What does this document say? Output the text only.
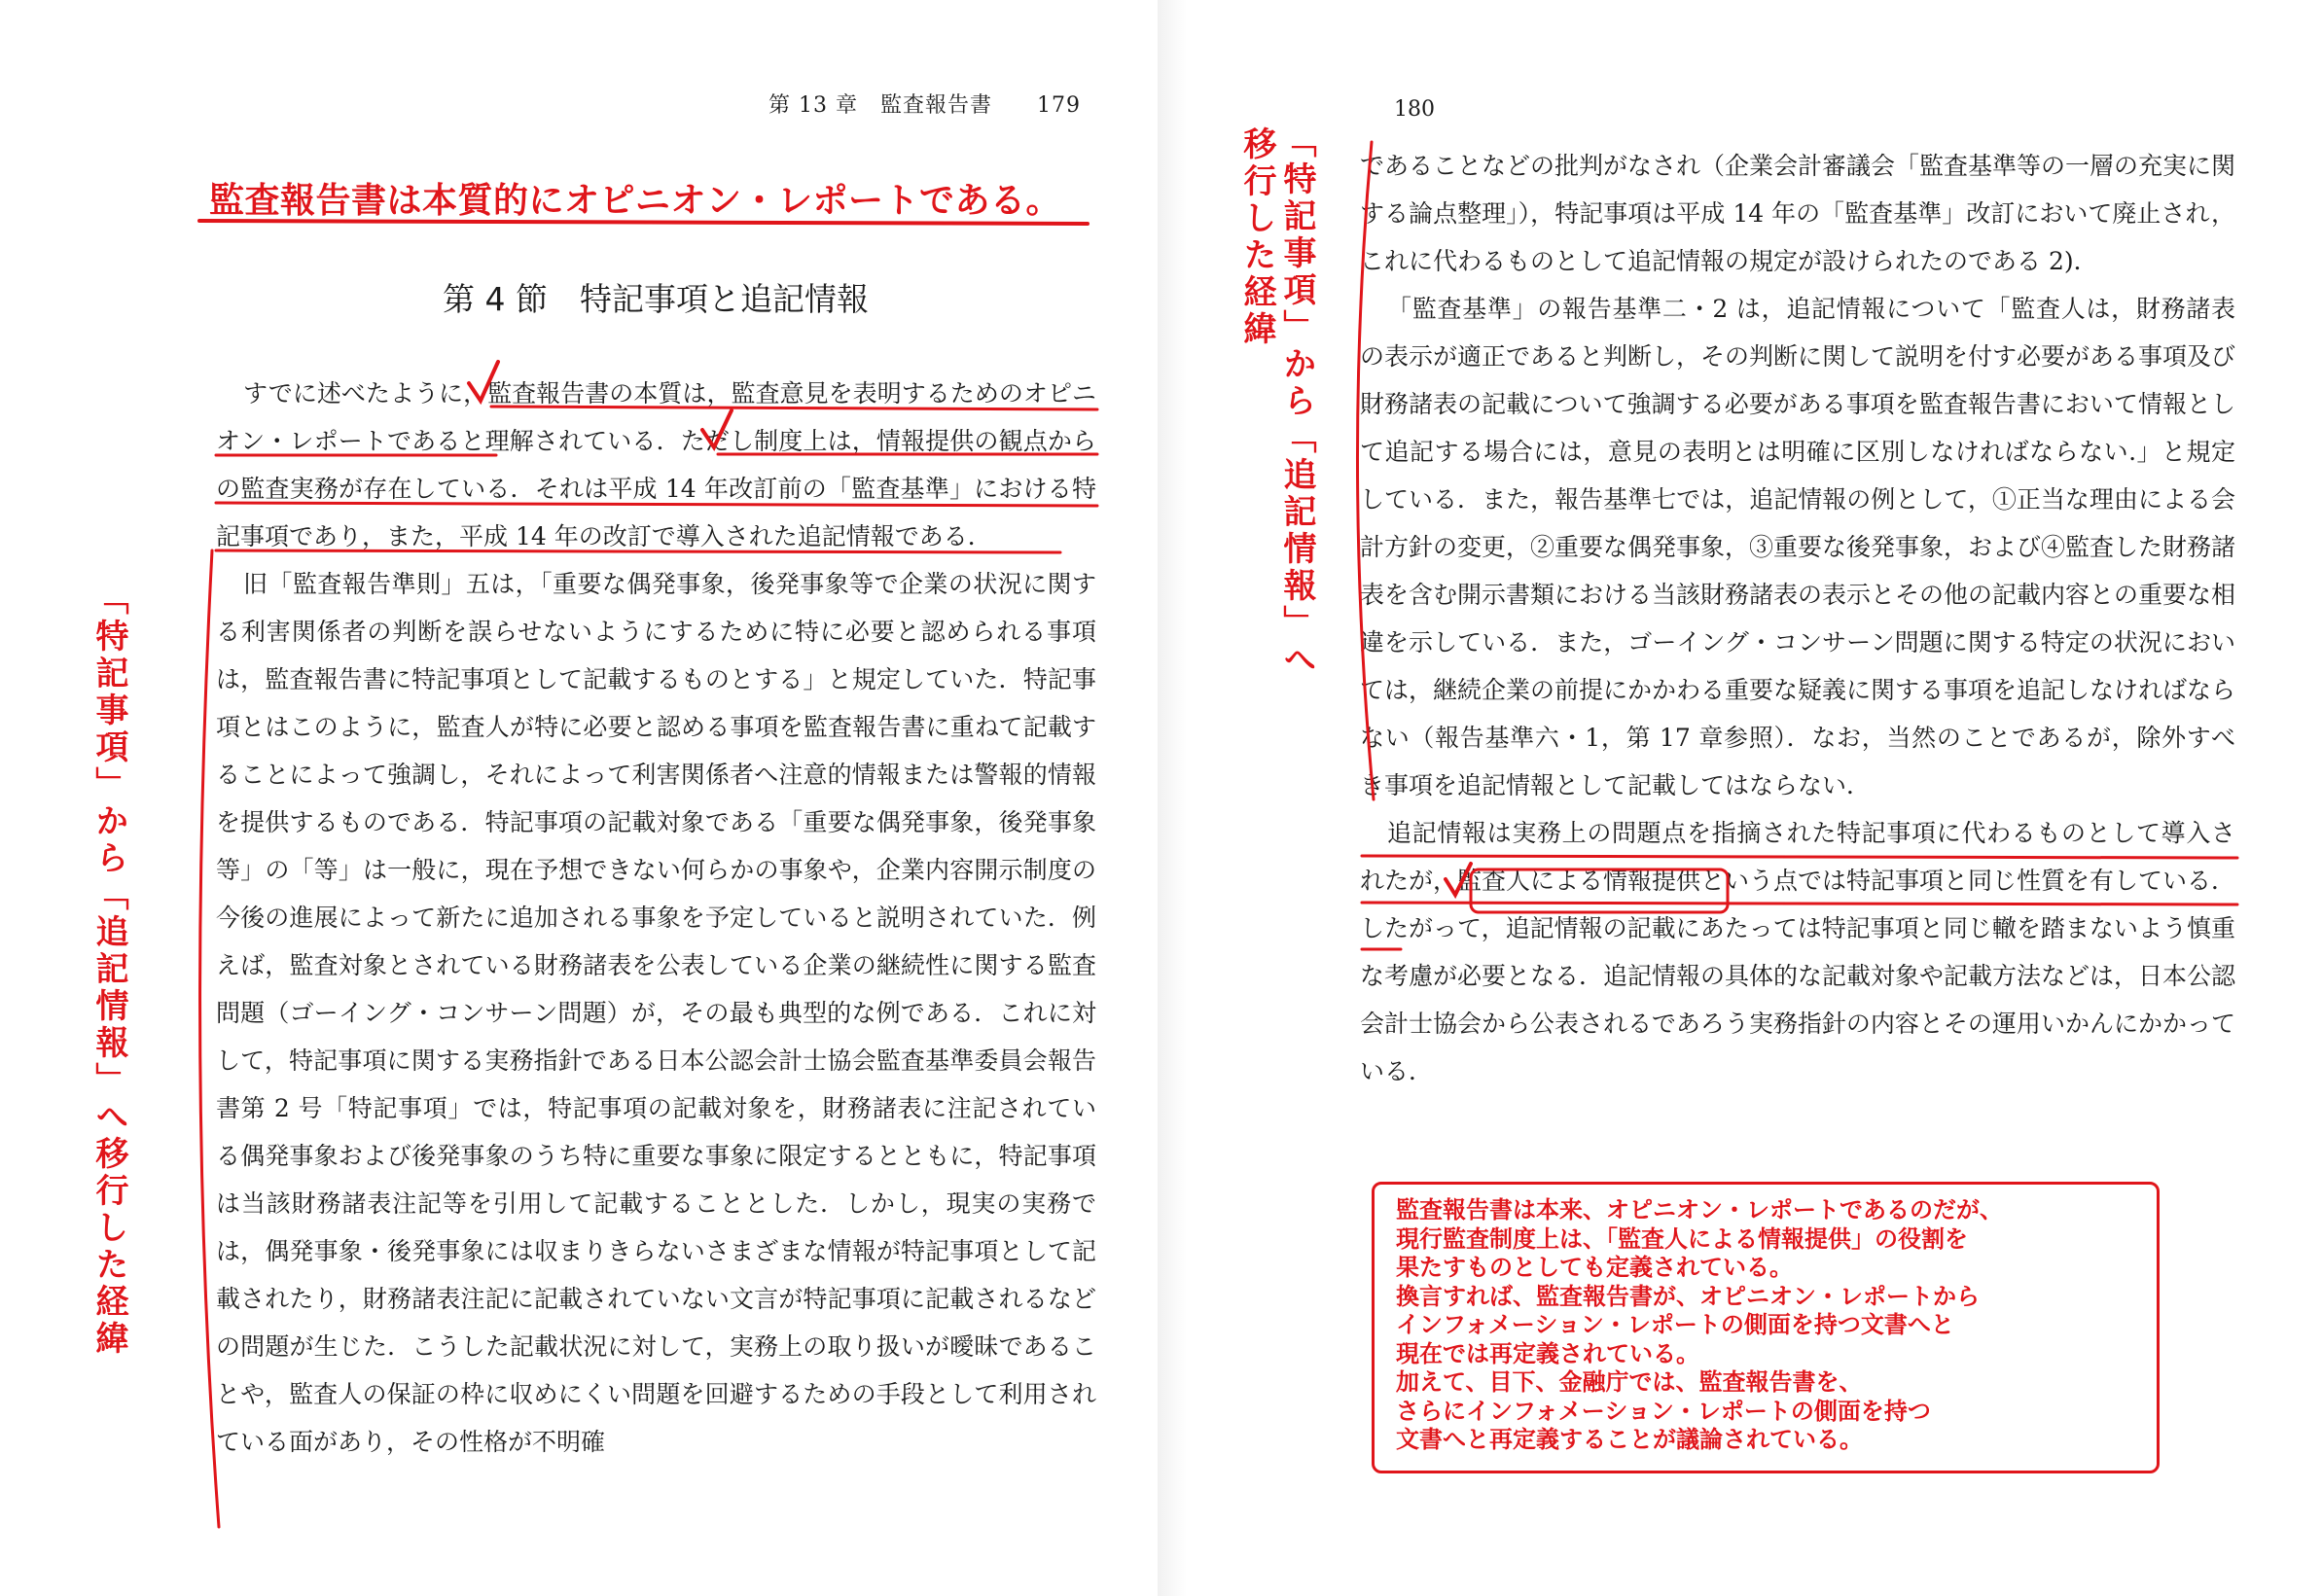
第 13 章　監査報告書　　179
監査報告書は本質的にオピニオン・レポートである。
第 4 節　特記事項と追記情報

すでに述べたように，監査報告書の本質は，監査意見を表明するためのオピニオン・レポートであると理解されている．ただし制度上は，情報提供の観点からの監査実務が存在している．それは平成 14 年改訂前の「監査基準」における特記事項であり，また，平成 14 年の改訂で導入された追記情報である．

旧「監査報告準則」五は，「重要な偶発事象，後発事象等で企業の状況に関する利害関係者の判断を誤らせないようにするために特に必要と認められる事項は，監査報告書に特記事項として記載するものとする」と規定していた．特記事項とはこのように，監査人が特に必要と認める事項を監査報告書に重ねて記載することによって強調し，それによって利害関係者へ注意的情報または警報的情報を提供するものである．特記事項の記載対象である「重要な偶発事象，後発事象等」の「等」は一般に，現在予想できない何らかの事象や，企業内容開示制度の今後の進展によって新たに追加される事象を予定していると説明されていた．例えば，監査対象とされている財務諸表を公表している企業の継続性に関する監査問題（ゴーイング・コンサーン問題）が，その最も典型的な例である．これに対して，特記事項に関する実務指針である日本公認会計士協会監査基準委員会報告書第 2 号「特記事項」では，特記事項の記載対象を，財務諸表に注記されている偶発事象および後発事象のうち特に重要な事象に限定するとともに，特記事項は当該財務諸表注記等を引用して記載することとした．しかし，現実の実務では，偶発事象・後発事象には収まりきらないさまざまな情報が特記事項として記載されたり，財務諸表注記に記載されていない文言が特記事項に記載されるなどの問題が生じた．こうした記載状況に対して，実務上の取り扱いが曖昧であることや，監査人の保証の枠に収めにくい問題を回避するための手段として利用されている面があり，その性格が不明確

「特記事項」から「追記情報」へ移行した経緯
180

であることなどの批判がなされ（企業会計審議会「監査基準等の一層の充実に関する論点整理」），特記事項は平成 14 年の「監査基準」改訂において廃止され，これに代わるものとして追記情報の規定が設けられたのである 2)．

「監査基準」の報告基準二・2 は，追記情報について「監査人は，財務諸表の表示が適正であると判断し，その判断に関して説明を付す必要がある事項及び財務諸表の記載について強調する必要がある事項を監査報告書において情報として追記する場合には，意見の表明とは明確に区別しなければならない.」と規定している．また，報告基準七では，追記情報の例として，①正当な理由による会計方針の変更，②重要な偶発事象，③重要な後発事象，および④監査した財務諸表を含む開示書類における当該財務諸表の表示とその他の記載内容との重要な相違を示している．また，ゴーイング・コンサーン問題に関する特定の状況においては，継続企業の前提にかかわる重要な疑義に関する事項を追記しなければならない（報告基準六・1，第 17 章参照）．なお，当然のことであるが，除外すべき事項を追記情報として記載してはならない．

追記情報は実務上の問題点を指摘された特記事項に代わるものとして導入されたが，監査人による情報提供という点では特記事項と同じ性質を有している．したがって，追記情報の記載にあたっては特記事項と同じ轍を踏まないよう慎重な考慮が必要となる．追記情報の具体的な記載対象や記載方法などは，日本公認会計士協会から公表されるであろう実務指針の内容とその運用いかんにかかっている．

移行した経緯 「特記事項」から「追記情報」へ
監査報告書は本来、オピニオン・レポートであるのだが、
現行監査制度上は、「監査人による情報提供」の役割を
果たすものとしても定義されている。
換言すれば、監査報告書が、オピニオン・レポートから
インフォメーション・レポートの側面を持つ文書へと
現在では再定義されている。
加えて、目下、金融庁では、監査報告書を、
さらにインフォメーション・レポートの側面を持つ
文書へと再定義することが議論されている。
